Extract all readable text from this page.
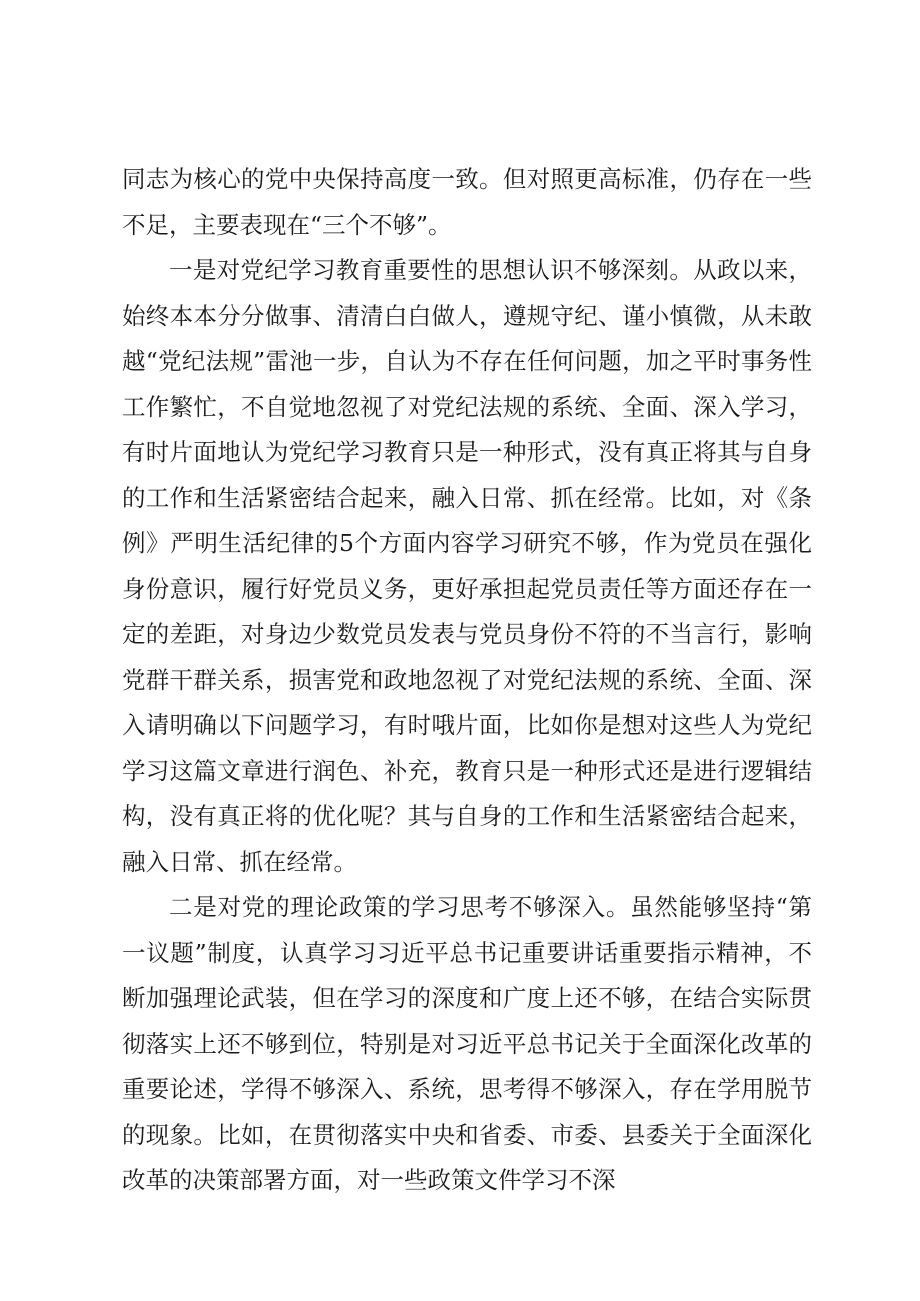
同志为核心的党中央保持高度一致。但对照更高标准，仍存在一些不足，主要表现在“三个不够”。

一是对党纪学习教育重要性的思想认识不够深刻。从政以来，始终本本分分做事、清清白白做人，遵规守纪、谨小慎微，从未敢越“党纪法规”雷池一步，自认为不存在任何问题，加之平时事务性工作繁忙，不自觉地忽视了对党纪法规的系统、全面、深入学习，有时片面地认为党纪学习教育只是一种形式，没有真正将其与自身的工作和生活紧密结合起来，融入日常、抓在经常。比如，对《条例》严明生活纪律的5个方面内容学习研究不够，作为党员在强化身份意识，履行好党员义务，更好承担起党员责任等方面还存在一定的差距，对身边少数党员发表与党员身份不符的不当言行，影响党群干群关系，损害党和政地忽视了对党纪法规的系统、全面、深入请明确以下问题学习，有时哦片面，比如你是想对这些人为党纪学习这篇文章进行润色、补充，教育只是一种形式还是进行逻辑结构，没有真正将的优化呢？其与自身的工作和生活紧密结合起来，融入日常、抓在经常。

二是对党的理论政策的学习思考不够深入。虽然能够坚持“第一议题”制度，认真学习习近平总书记重要讲话重要指示精神，不断加强理论武装，但在学习的深度和广度上还不够，在结合实际贯彻落实上还不够到位，特别是对习近平总书记关于全面深化改革的重要论述，学得不够深入、系统，思考得不够深入，存在学用脱节的现象。比如，在贯彻落实中央和省委、市委、县委关于全面深化改革的决策部署方面，对一些政策文件学习不深
